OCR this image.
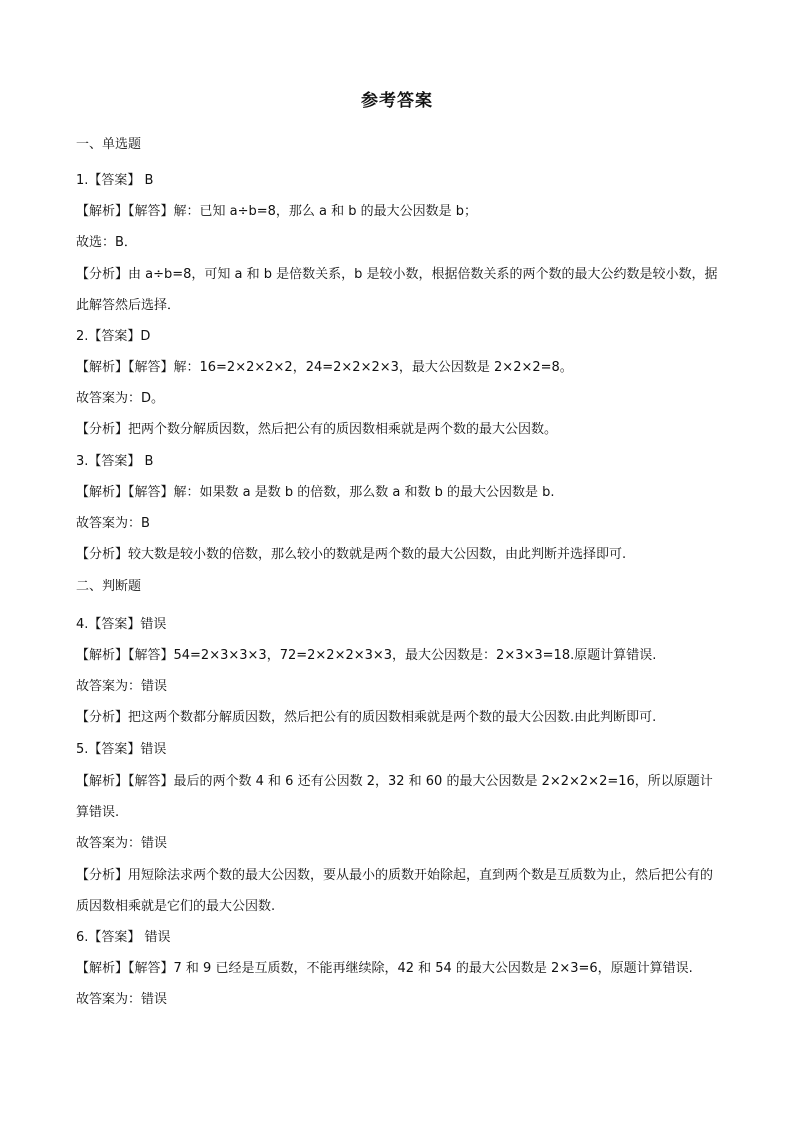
参考答案
一、单选题
1.【答案】 B
【解析】【解答】解：已知 a÷b=8，那么 a 和 b 的最大公因数是 b；
故选：B．
【分析】由 a÷b=8，可知 a 和 b 是倍数关系，b 是较小数，根据倍数关系的两个数的最大公约数是较小数，据此解答然后选择．
2.【答案】D
【解析】【解答】解：16=2×2×2×2，24=2×2×2×3，最大公因数是 2×2×2=8。
故答案为：D。
【分析】把两个数分解质因数，然后把公有的质因数相乘就是两个数的最大公因数。
3.【答案】 B
【解析】【解答】解：如果数 a 是数 b 的倍数，那么数 a 和数 b 的最大公因数是 b.
故答案为：B
【分析】较大数是较小数的倍数，那么较小的数就是两个数的最大公因数，由此判断并选择即可.
二、判断题
4.【答案】错误
【解析】【解答】54=2×3×3×3，72=2×2×2×3×3，最大公因数是：2×3×3=18.原题计算错误.
故答案为：错误
【分析】把这两个数都分解质因数，然后把公有的质因数相乘就是两个数的最大公因数.由此判断即可.
5.【答案】错误
【解析】【解答】最后的两个数 4 和 6 还有公因数 2，32 和 60 的最大公因数是 2×2×2×2=16，所以原题计算错误.
故答案为：错误
【分析】用短除法求两个数的最大公因数，要从最小的质数开始除起，直到两个数是互质数为止，然后把公有的质因数相乘就是它们的最大公因数.
6.【答案】 错误
【解析】【解答】7 和 9 已经是互质数，不能再继续除，42 和 54 的最大公因数是 2×3=6，原题计算错误.
故答案为：错误
